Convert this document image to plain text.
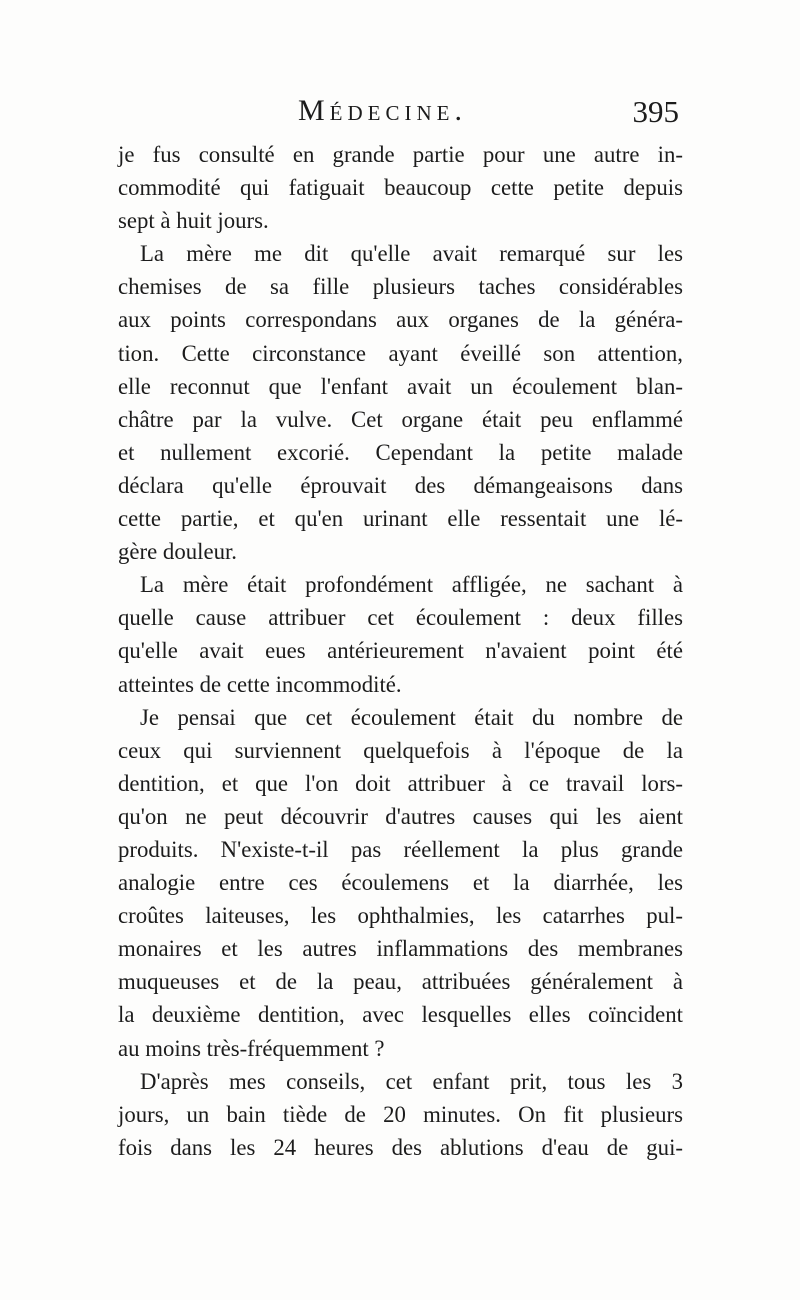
Médecine.	395
je fus consulté en grande partie pour une autre in-
commodité qui fatiguait beaucoup cette petite depuis
sept à huit jours.
La mère me dit qu'elle avait remarqué sur les
chemises de sa fille plusieurs taches considérables
aux points correspondans aux organes de la généra-
tion. Cette circonstance ayant éveillé son attention,
elle reconnut que l'enfant avait un écoulement blan-
châtre par la vulve. Cet organe était peu enflammé
et nullement excorié. Cependant la petite malade
déclara qu'elle éprouvait des démangeaisons dans
cette partie, et qu'en urinant elle ressentait une lé-
gère douleur.
La mère était profondément affligée, ne sachant à
quelle cause attribuer cet écoulement : deux filles
qu'elle avait eues antérieurement n'avaient point été
atteintes de cette incommodité.
Je pensai que cet écoulement était du nombre de
ceux qui surviennent quelquefois à l'époque de la
dentition, et que l'on doit attribuer à ce travail lors-
qu'on ne peut découvrir d'autres causes qui les aient
produits. N'existe-t-il pas réellement la plus grande
analogie entre ces écoulemens et la diarrhée, les
croûtes laiteuses, les ophthalmies, les catarrhes pul-
monaires et les autres inflammations des membranes
muqueuses et de la peau, attribuées généralement à
la deuxième dentition, avec lesquelles elles coïncident
au moins très-fréquemment ?
D'après mes conseils, cet enfant prit, tous les 3
jours, un bain tiède de 20 minutes. On fit plusieurs
fois dans les 24 heures des ablutions d'eau de gui-
